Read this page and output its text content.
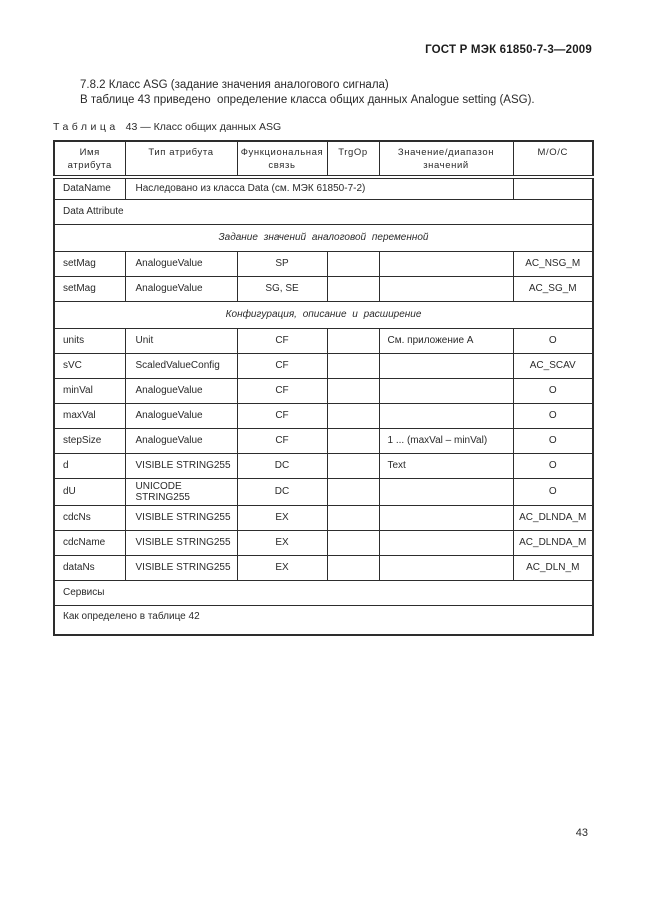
ГОСТ Р МЭК 61850-7-3—2009

7.8.2 Класс ASG (задание значения аналогового сигнала)

В таблице 43 приведено  определение класса общих данных Analogue setting (ASG).

Таблица 43 — Класс общих данных ASG
Имя атрибута	Тип атрибута	Функциональная связь	TrgOp	Значение/диапазон значений	М/О/С
DataName	Наследовано из класса Data (см. МЭК 61850-7-2)				
Data Attribute					
Задание значений аналоговой переменной					
setMag	AnalogueValue	SP			AC_NSG_M
setMag	AnalogueValue	SG, SE			AC_SG_M
Конфигурация, описание и расширение					
units	Unit	CF		См. приложение А	O
sVC	ScaledValueConfig	CF			AC_SCAV
minVal	AnalogueValue	CF			O
maxVal	AnalogueValue	CF			O
stepSize	AnalogueValue	CF		1 ... (maxVal – minVal)	O
d	VISIBLE STRING255	DC		Text	O
dU	UNICODE STRING255	DC			O
cdcNs	VISIBLE STRING255	EX			AC_DLNDA_M
cdcName	VISIBLE STRING255	EX			AC_DLNDA_M
dataNs	VISIBLE STRING255	EX			AC_DLN_M
Сервисы					
Как определено в таблице 42					
43
